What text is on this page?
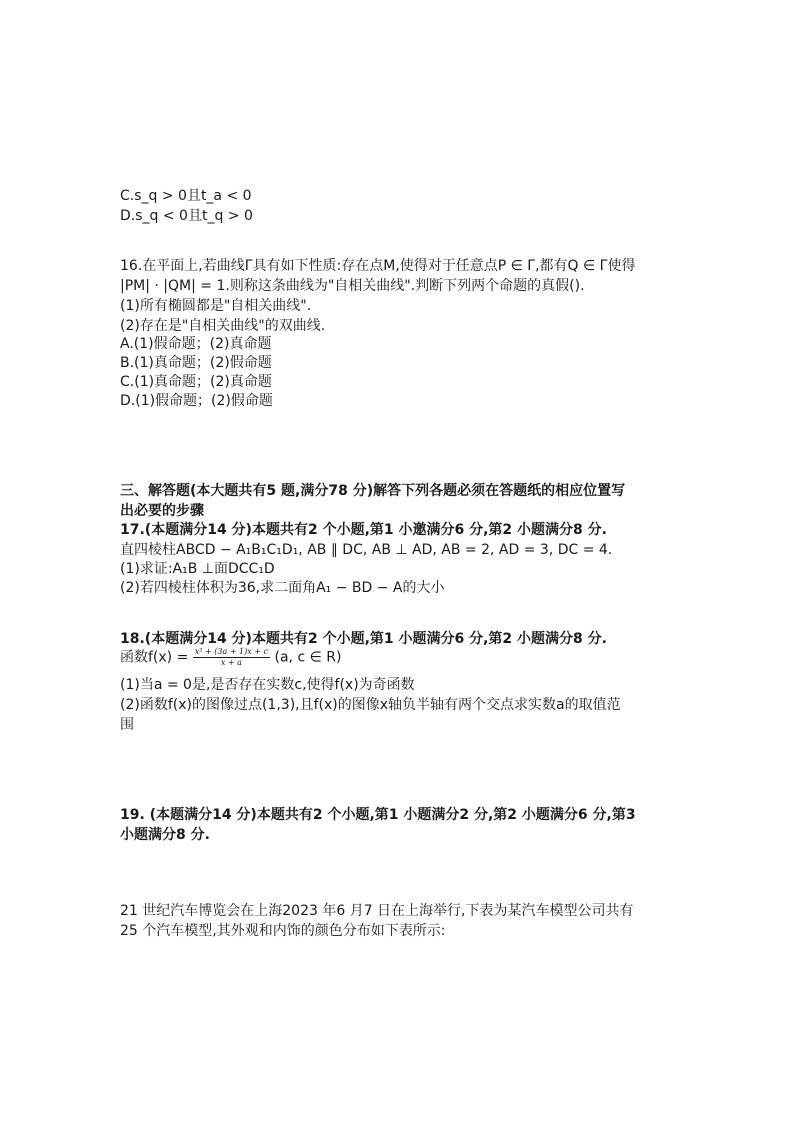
C.s_q > 0且t_a < 0
D.s_q < 0且t_q > 0
16.在平面上,若曲线Γ具有如下性质:存在点M,使得对于任意点P ∈ Γ,都有Q ∈ Γ使得
|PM| · |QM| = 1.则称这条曲线为"自相关曲线".判断下列两个命题的真假().
(1)所有椭圆都是"自相关曲线".
(2)存在是"自相关曲线"的双曲线.
A.(1)假命题；(2)真命题
B.(1)真命题；(2)假命题
C.(1)真命题；(2)真命题
D.(1)假命题；(2)假命题
三、解答题(本大题共有5 题,满分78 分)解答下列各题必须在答题纸的相应位置写
出必要的步骤
17.(本题满分14 分)本题共有2 个小题,第1 小邀满分6 分,第2 小题满分8 分.
直四棱柱ABCD − A₁B₁C₁D₁, AB ∥ DC, AB ⊥ AD, AB = 2, AD = 3, DC = 4.
(1)求证:A₁B ⊥面DCC₁D
(2)若四棱柱体积为36,求二面角A₁ − BD − A的大小
18.(本题满分14 分)本题共有2 个小题,第1 小题满分6 分,第2 小题满分8 分.
函数$f(x) = \frac{\text{x² + (3a + 1)x + c}}{x + a} (a$, c ∈ R)
(1)当a = 0是,是否存在实数c,使得f(x)为奇函数
(2)函数f(x)的图像过点(1,3),且f(x)的图像x轴负半轴有两个交点求实数a的取值范
围
19. (本题满分14 分)本题共有2 个小题,第1 小题满分2 分,第2 小题满分6 分,第3
小题满分8 分.
21 世纪汽车博览会在上海2023 年6 月7 日在上海举行,下表为某汽车模型公司共有
25 个汽车模型,其外观和内饰的颜色分布如下表所示:
